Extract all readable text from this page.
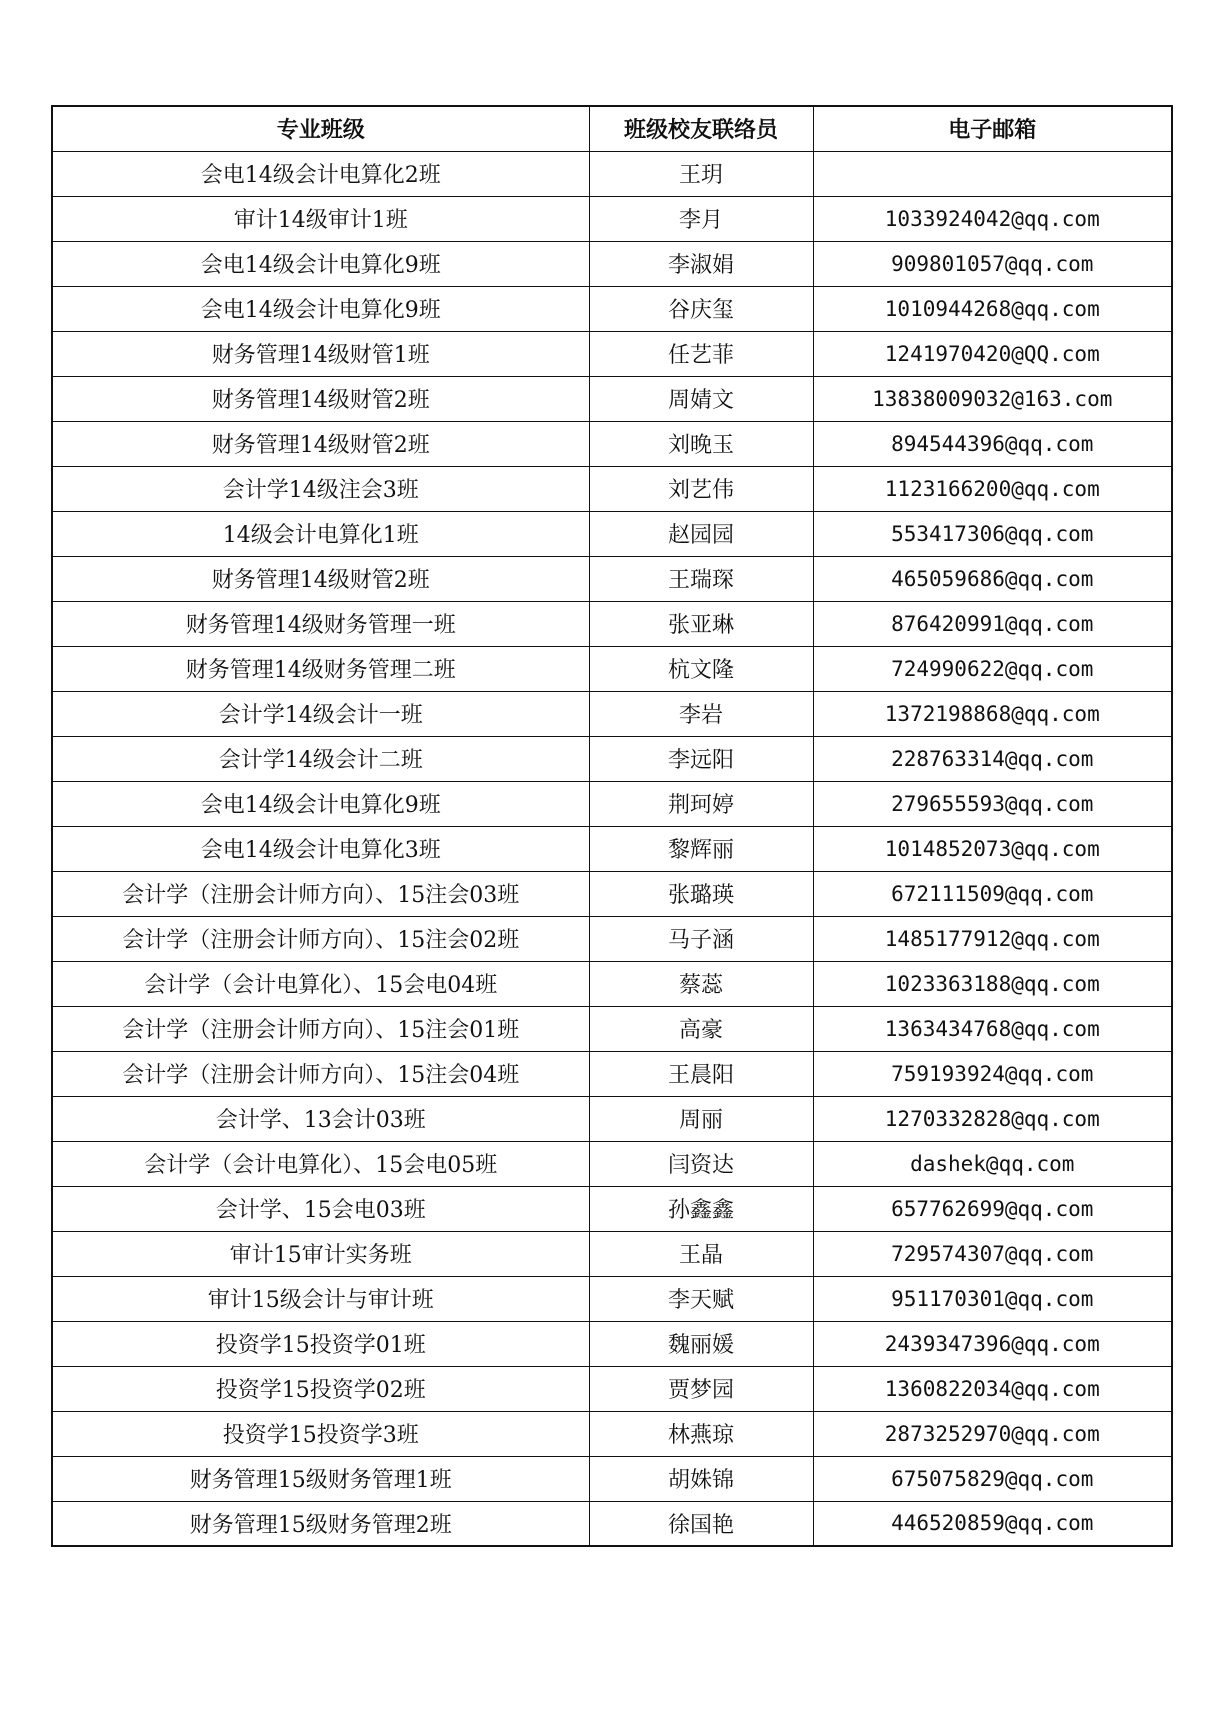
专业班级	班级校友联络员	电子邮箱
会电14级会计电算化2班	王玥	
审计14级审计1班	李月	1033924042@qq.com
会电14级会计电算化9班	李淑娟	909801057@qq.com
会电14级会计电算化9班	谷庆玺	1010944268@qq.com
财务管理14级财管1班	任艺菲	1241970420@QQ.com
财务管理14级财管2班	周婧文	13838009032@163.com
财务管理14级财管2班	刘晚玉	894544396@qq.com
会计学14级注会3班	刘艺伟	1123166200@qq.com
14级会计电算化1班	赵园园	553417306@qq.com
财务管理14级财管2班	王瑞琛	465059686@qq.com
财务管理14级财务管理一班	张亚琳	876420991@qq.com
财务管理14级财务管理二班	杭文隆	724990622@qq.com
会计学14级会计一班	李岩	1372198868@qq.com
会计学14级会计二班	李远阳	228763314@qq.com
会电14级会计电算化9班	荆珂婷	279655593@qq.com
会电14级会计电算化3班	黎辉丽	1014852073@qq.com
会计学（注册会计师方向）、15注会03班	张璐瑛	672111509@qq.com
会计学（注册会计师方向）、15注会02班	马子涵	1485177912@qq.com
会计学（会计电算化）、15会电04班	蔡蕊	1023363188@qq.com
会计学（注册会计师方向）、15注会01班	高豪	1363434768@qq.com
会计学（注册会计师方向）、15注会04班	王晨阳	759193924@qq.com
会计学、13会计03班	周丽	1270332828@qq.com
会计学（会计电算化）、15会电05班	闫资达	dashek@qq.com
会计学、15会电03班	孙鑫鑫	657762699@qq.com
审计15审计实务班	王晶	729574307@qq.com
审计15级会计与审计班	李天赋	951170301@qq.com
投资学15投资学01班	魏丽媛	2439347396@qq.com
投资学15投资学02班	贾梦园	1360822034@qq.com
投资学15投资学3班	林燕琼	2873252970@qq.com
财务管理15级财务管理1班	胡姝锦	675075829@qq.com
财务管理15级财务管理2班	徐国艳	446520859@qq.com
